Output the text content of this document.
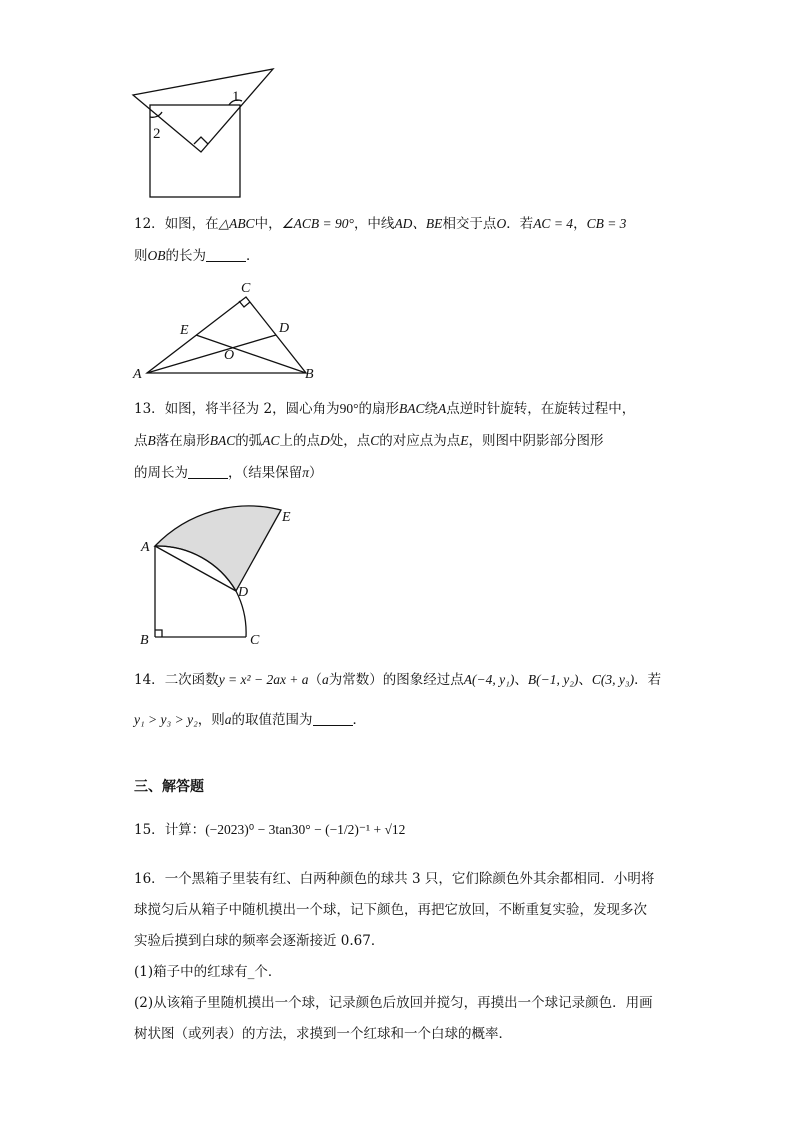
1
2

12．如图，在△ABC中，∠ACB = 90°，中线AD、BE相交于点O．若AC = 4，CB = 3
则OB的长为	．

C
E	D
O
A	B

13．如图，将半径为 2，圆心角为90°的扇形BAC绕A点逆时针旋转，在旋转过程中，
点B落在扇形BAC的弧AC上的点D处，点C的对应点为点E，则图中阴影部分图形
的周长为	，（结果保留π）

E
A
D
B	C

14．二次函数y = x² − 2ax + a（a为常数）的图象经过点A(−4, y₁)、B(−1, y₂)、C(3, y₃)．若
y₁ > y₃ > y₂，则a的取值范围为	．

三、解答题

15．计算：(−2023)⁰ − 3tan30° − (−1/2)⁻¹ + √12

16．一个黑箱子里装有红、白两种颜色的球共 3 只，它们除颜色外其余都相同．小明将
球搅匀后从箱子中随机摸出一个球，记下颜色，再把它放回，不断重复实验，发现多次
实验后摸到白球的频率会逐渐接近 0.67．
(1)箱子中的红球有_个．
(2)从该箱子里随机摸出一个球，记录颜色后放回并搅匀，再摸出一个球记录颜色．用画
树状图（或列表）的方法，求摸到一个红球和一个白球的概率．
